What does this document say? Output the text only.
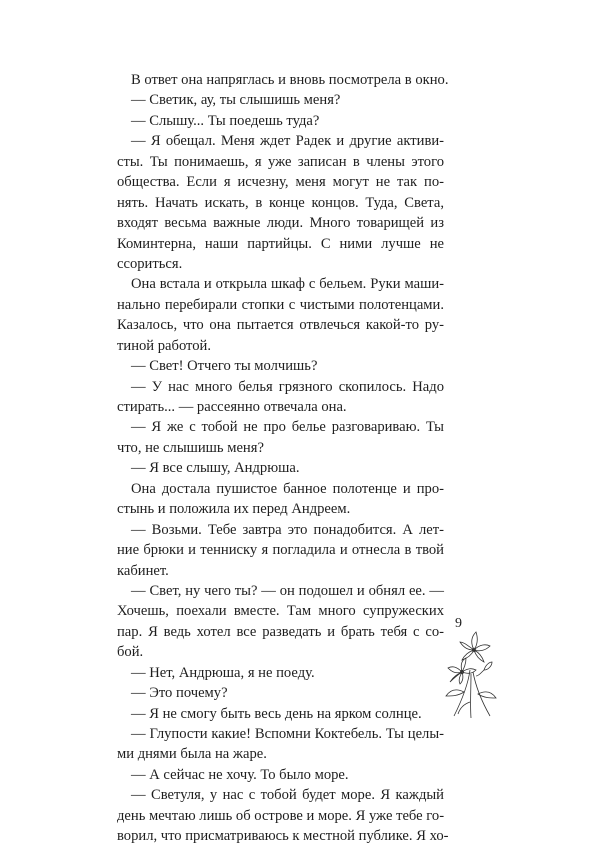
В ответ она напряглась и вновь посмотрела в окно.
— Светик, ау, ты слышишь меня?
— Слышу... Ты поедешь туда?
— Я обещал. Меня ждет Радек и другие активи-
сты. Ты понимаешь, я уже записан в члены этого
общества. Если я исчезну, меня могут не так по-
нять. Начать искать, в конце концов. Туда, Света,
входят весьма важные люди. Много товарищей из
Коминтерна, наши партийцы. С ними лучше не
ссориться.
Она встала и открыла шкаф с бельем. Руки маши-
нально перебирали стопки с чистыми полотенцами.
Казалось, что она пытается отвлечься какой-то ру-
тиной работой.
— Свет! Отчего ты молчишь?
— У нас много белья грязного скопилось. Надо
стирать... — рассеянно отвечала она.
— Я же с тобой не про белье разговариваю. Ты
что, не слышишь меня?
— Я все слышу, Андрюша.
Она достала пушистое банное полотенце и про-
стынь и положила их перед Андреем.
— Возьми. Тебе завтра это понадобится. А лет-
ние брюки и тенниску я погладила и отнесла в твой
кабинет.
— Свет, ну чего ты? — он подошел и обнял ее. —
Хочешь, поехали вместе. Там много супружеских
пар. Я ведь хотел все разведать и брать тебя с со-
бой.
— Нет, Андрюша, я не поеду.
— Это почему?
— Я не смогу быть весь день на ярком солнце.
— Глупости какие! Вспомни Коктебель. Ты целы-
ми днями была на жаре.
— А сейчас не хочу. То было море.
— Светуля, у нас с тобой будет море. Я каждый
день мечтаю лишь об острове и море. Я уже тебе го-
ворил, что присматриваюсь к местной публике. Я хо-
9
